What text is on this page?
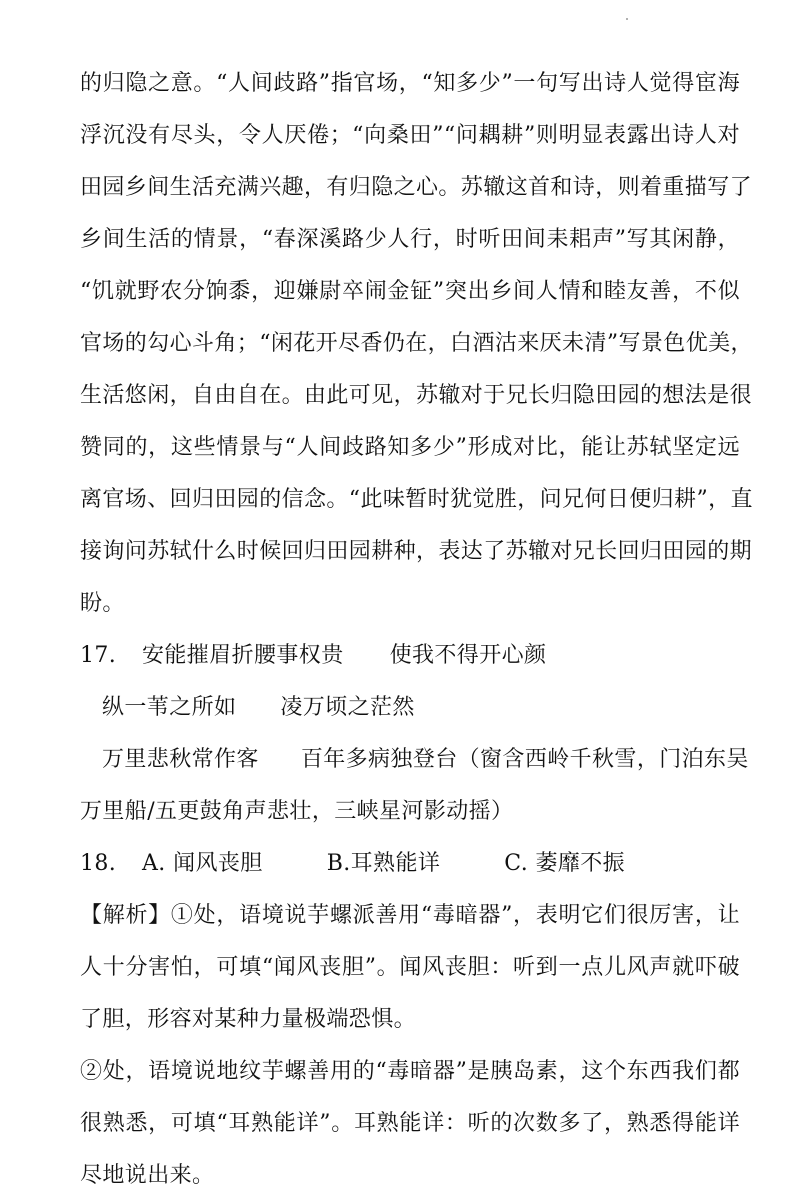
的归隐之意。“人间歧路”指官场，“知多少”一句写出诗人觉得宦海
浮沉没有尽头，令人厌倦；“向桑田”“问耦耕”则明显表露出诗人对
田园乡间生活充满兴趣，有归隐之心。苏辙这首和诗，则着重描写了
乡间生活的情景，“春深溪路少人行，时听田间耒耜声”写其闲静，
“饥就野农分饷黍，迎嫌尉卒闹金钲”突出乡间人情和睦友善，不似
官场的勾心斗角；“闲花开尽香仍在，白酒沽来厌未清”写景色优美，
生活悠闲，自由自在。由此可见，苏辙对于兄长归隐田园的想法是很
赞同的，这些情景与“人间歧路知多少”形成对比，能让苏轼坚定远
离官场、回归田园的信念。“此味暂时犹觉胜，问兄何日便归耕”，直
接询问苏轼什么时候回归田园耕种，表达了苏辙对兄长回归田园的期
盼。
17. 安能摧眉折腰事权贵 使我不得开心颜
纵一苇之所如 凌万顷之茫然
万里悲秋常作客 百年多病独登台（窗含西岭千秋雪，门泊东吴
万里船/五更鼓角声悲壮，三峡星河影动摇）
18. A. 闻风丧胆	B.耳熟能详	C. 萎靡不振
【解析】①处，语境说芋螺派善用“毒暗器”，表明它们很厉害，让
人十分害怕，可填“闻风丧胆”。闻风丧胆：听到一点儿风声就吓破
了胆，形容对某种力量极端恐惧。
②处，语境说地纹芋螺善用的“毒暗器”是胰岛素，这个东西我们都
很熟悉，可填“耳熟能详”。耳熟能详：听的次数多了，熟悉得能详
尽地说出来。
